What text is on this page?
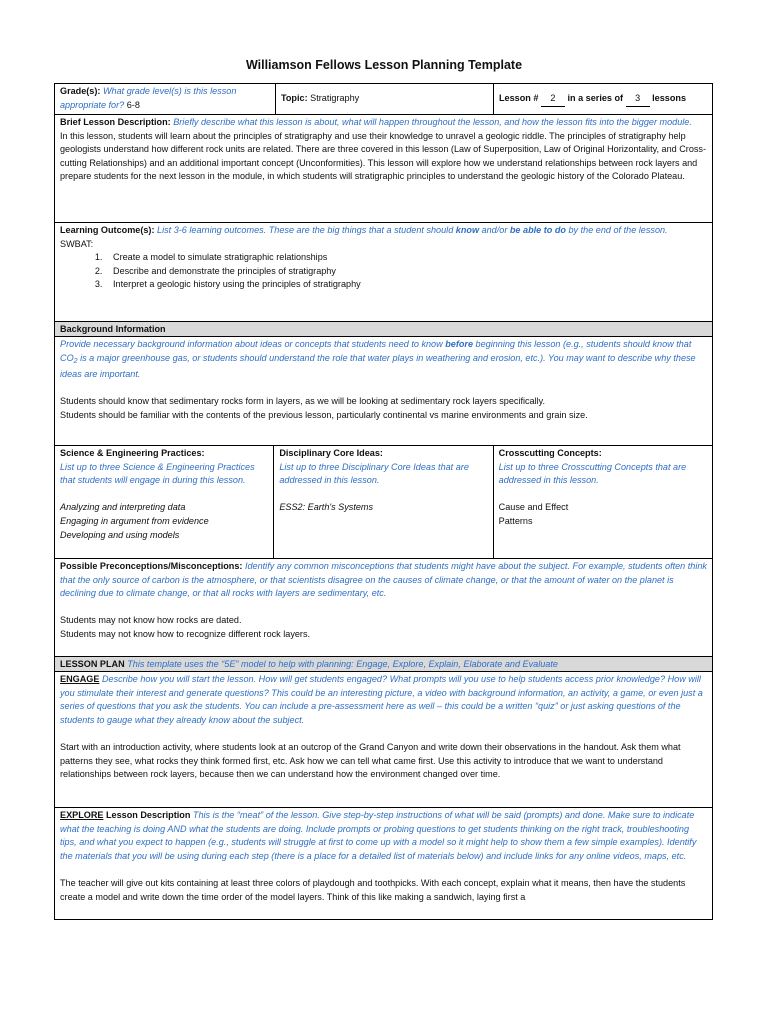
Williamson Fellows Lesson Planning Template
Grade(s): What grade level(s) is this lesson appropriate for? 6-8
Topic: Stratigraphy	Lesson # 2 in a series of 3 lessons
Brief Lesson Description: Briefly describe what this lesson is about, what will happen throughout the lesson, and how the lesson fits into the bigger module.
In this lesson, students will learn about the principles of stratigraphy and use their knowledge to unravel a geologic riddle. The principles of stratigraphy help geologists understand how different rock units are related. There are three covered in this lesson (Law of Superposition, Law of Original Horizontality, and Cross-cutting Relationships) and an additional important concept (Unconformities). This lesson will explore how we understand relationships between rock layers and prepare students for the next lesson in the module, in which students will stratigraphic principles to understand the geologic history of the Colorado Plateau.
Learning Outcome(s): List 3-6 learning outcomes. These are the big things that a student should know and/or be able to do by the end of the lesson.
SWBAT:
1. Create a model to simulate stratigraphic relationships
2. Describe and demonstrate the principles of stratigraphy
3. Interpret a geologic history using the principles of stratigraphy
Background Information
Provide necessary background information about ideas or concepts that students need to know before beginning this lesson (e.g., students should know that $CO_2$ is a major greenhouse gas, or students should understand the role that water plays in weathering and erosion, etc.). You may want to describe why these ideas are important.
Students should know that sedimentary rocks form in layers, as we will be looking at sedimentary rock layers specifically.
Students should be familiar with the contents of the previous lesson, particularly continental vs marine environments and grain size.
Science & Engineering Practices:
List up to three Science & Engineering Practices that students will engage in during this lesson.
Analyzing and interpreting data
Engaging in argument from evidence
Developing and using models
Disciplinary Core Ideas:
List up to three Disciplinary Core Ideas that are addressed in this lesson.
ESS2: Earth's Systems
Crosscutting Concepts:
List up to three Crosscutting Concepts that are addressed in this lesson.
Cause and Effect
Patterns
Possible Preconceptions/Misconceptions: Identify any common misconceptions that students might have about the subject. For example, students often think that the only source of carbon is the atmosphere, or that scientists disagree on the causes of climate change, or that the amount of water on the planet is declining due to climate change, or that all rocks with layers are sedimentary, etc.
Students may not know how rocks are dated.
Students may not know how to recognize different rock layers.
LESSON PLAN This template uses the “5E” model to help with planning: Engage, Explore, Explain, Elaborate and Evaluate
ENGAGE Describe how you will start the lesson. How will get students engaged? What prompts will you use to help students access prior knowledge? How will you stimulate their interest and generate questions? This could be an interesting picture, a video with background information, an activity, a game, or even just a series of questions that you ask the students. You can include a pre-assessment here as well – this could be a written “quiz” or just asking questions of the students to gauge what they already know about the subject.
Start with an introduction activity, where students look at an outcrop of the Grand Canyon and write down their observations in the handout. Ask them what patterns they see, what rocks they think formed first, etc. Ask how we can tell what came first. Use this activity to introduce that we want to understand relationships between rock layers, because then we can understand how the environment changed over time.
EXPLORE Lesson Description This is the “meat” of the lesson. Give step-by-step instructions of what will be said (prompts) and done. Make sure to indicate what the teaching is doing AND what the students are doing. Include prompts or probing questions to get students thinking on the right track, troubleshooting tips, and what you expect to happen (e.g., students will struggle at first to come up with a model so it might help to show them a few simple examples). Identify the materials that you will be using during each step (there is a place for a detailed list of materials below) and include links for any online videos, maps, etc.
The teacher will give out kits containing at least three colors of playdough and toothpicks. With each concept, explain what it means, then have the students create a model and write down the time order of the model layers. Think of this like making a sandwich, laying first a
